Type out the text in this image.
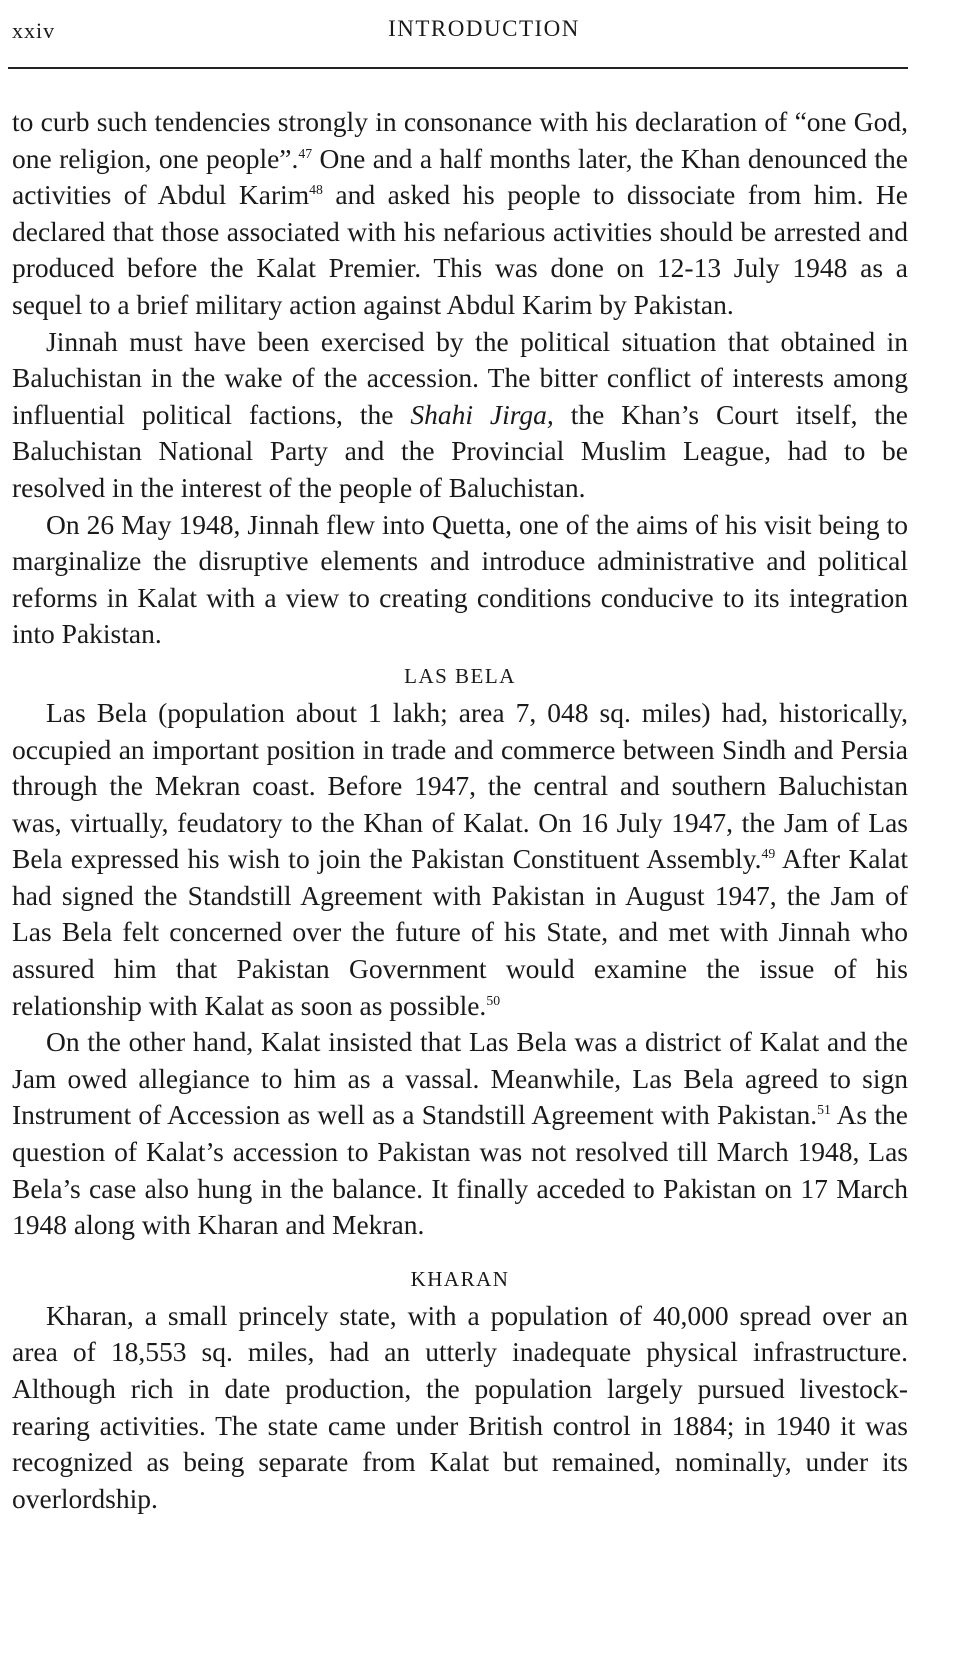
xxiv	INTRODUCTION

to curb such tendencies strongly in consonance with his declaration of “one God, one religion, one people”.$^{47}$ One and a half months later, the Khan denounced the activities of Abdul Karim$^{48}$ and asked his people to dissociate from him. He declared that those associated with his nefarious activities should be arrested and produced before the Kalat Premier. This was done on 12-13 July 1948 as a sequel to a brief military action against Abdul Karim by Pakistan.

Jinnah must have been exercised by the political situation that obtained in Baluchistan in the wake of the accession. The bitter conflict of interests among influential political factions, the Shahi Jirga, the Khan’s Court itself, the Baluchistan National Party and the Provincial Muslim League, had to be resolved in the interest of the people of Baluchistan.

On 26 May 1948, Jinnah flew into Quetta, one of the aims of his visit being to marginalize the disruptive elements and introduce administrative and political reforms in Kalat with a view to creating conditions conducive to its integration into Pakistan.

LAS BELA

Las Bela (population about 1 lakh; area 7, 048 sq. miles) had, historically, occupied an important position in trade and commerce between Sindh and Persia through the Mekran coast. Before 1947, the central and southern Baluchistan was, virtually, feudatory to the Khan of Kalat. On 16 July 1947, the Jam of Las Bela expressed his wish to join the Pakistan Constituent Assembly.$^{49}$ After Kalat had signed the Standstill Agreement with Pakistan in August 1947, the Jam of Las Bela felt concerned over the future of his State, and met with Jinnah who assured him that Pakistan Government would examine the issue of his relationship with Kalat as soon as possible.$^{50}$

On the other hand, Kalat insisted that Las Bela was a district of Kalat and the Jam owed allegiance to him as a vassal. Meanwhile, Las Bela agreed to sign Instrument of Accession as well as a Standstill Agreement with Pakistan.$^{51}$ As the question of Kalat’s accession to Pakistan was not resolved till March 1948, Las Bela’s case also hung in the balance. It finally acceded to Pakistan on 17 March 1948 along with Kharan and Mekran.

KHARAN

Kharan, a small princely state, with a population of 40,000 spread over an area of 18,553 sq. miles, had an utterly inadequate physical infrastructure. Although rich in date production, the population largely pursued livestock-rearing activities. The state came under British control in 1884; in 1940 it was recognized as being separate from Kalat but remained, nominally, under its overlordship.
